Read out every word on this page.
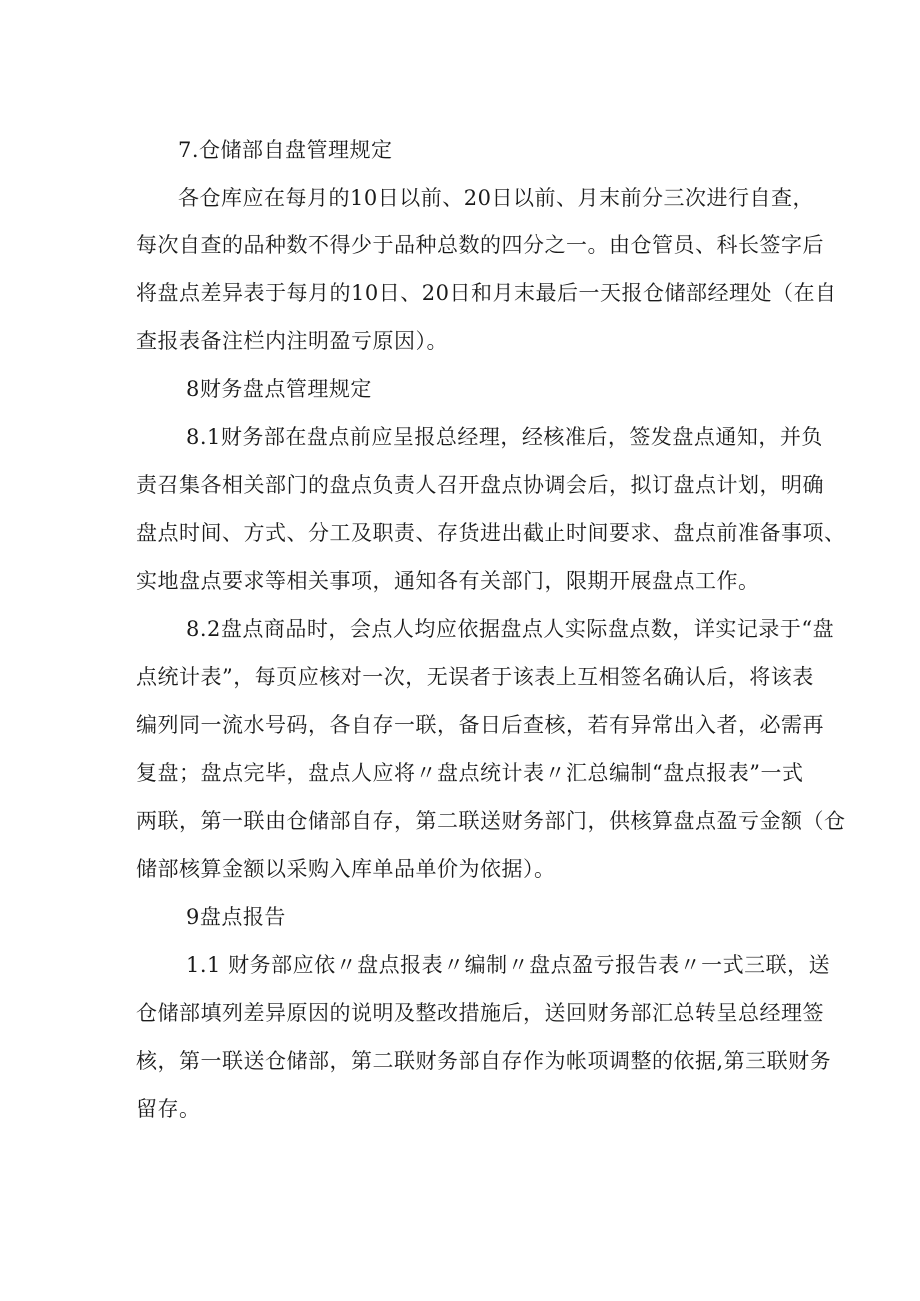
7.仓储部自盘管理规定
各仓库应在每月的10日以前、20日以前、月末前分三次进行自查，
每次自查的品种数不得少于品种总数的四分之一。由仓管员、科长签字后
将盘点差异表于每月的10日、20日和月末最后一天报仓储部经理处（在自
查报表备注栏内注明盈亏原因）。
8财务盘点管理规定
8.1财务部在盘点前应呈报总经理，经核准后，签发盘点通知，并负
责召集各相关部门的盘点负责人召开盘点协调会后，拟订盘点计划，明确
盘点时间、方式、分工及职责、存货进出截止时间要求、盘点前准备事项、
实地盘点要求等相关事项，通知各有关部门，限期开展盘点工作。
8.2盘点商品时，会点人均应依据盘点人实际盘点数，详实记录于“盘
点统计表”，每页应核对一次，无误者于该表上互相签名确认后，将该表
编列同一流水号码，各自存一联，备日后查核，若有异常出入者，必需再
复盘；盘点完毕，盘点人应将〃盘点统计表〃汇总编制“盘点报表”一式
两联，第一联由仓储部自存，第二联送财务部门，供核算盘点盈亏金额（仓
储部核算金额以采购入库单品单价为依据）。
9盘点报告
1.1 财务部应依〃盘点报表〃编制〃盘点盈亏报告表〃一式三联，送
仓储部填列差异原因的说明及整改措施后，送回财务部汇总转呈总经理签
核，第一联送仓储部，第二联财务部自存作为帐项调整的依据,第三联财务
留存。
